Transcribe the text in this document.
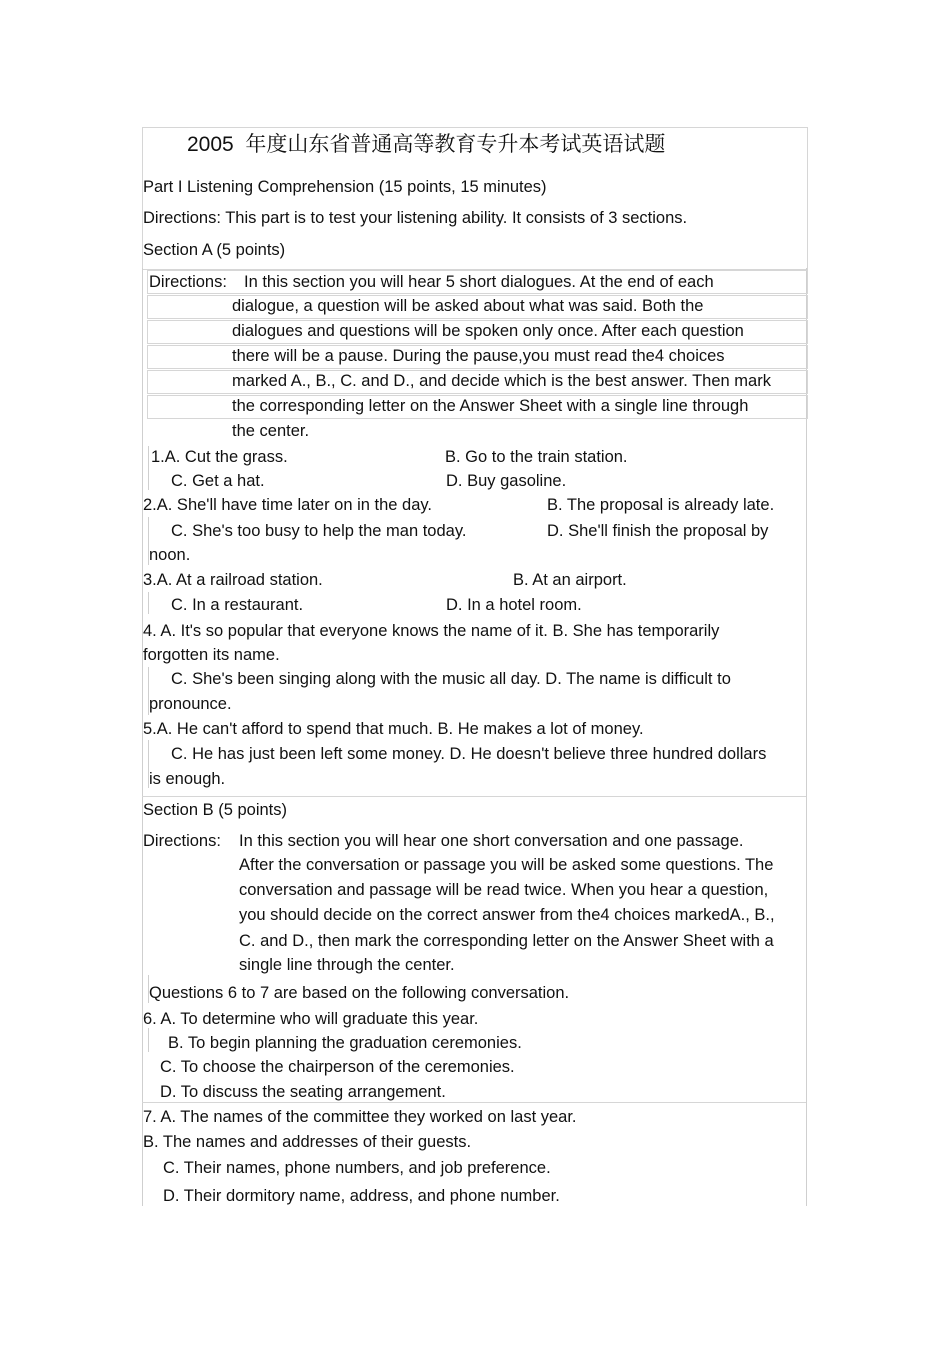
2005 年度山东省普通高等教育专升本考试英语试题
Part I Listening Comprehension (15 points, 15 minutes)
Directions: This part is to test your listening ability. It consists of 3 sections.
Section A (5 points)
Directions: In this section you will hear 5 short dialogues. At the end of each
dialogue, a question will be asked about what was said. Both the
dialogues and questions will be spoken only once. After each question
there will be a pause. During the pause,you must read the4 choices
marked A., B., C. and D., and decide which is the best answer. Then mark
the corresponding letter on the Answer Sheet with a single line through
the center.
1.A. Cut the grass.	B. Go to the train station.
C. Get a hat.	D. Buy gasoline.
2.A. She'll have time later on in the day.	B. The proposal is already late.
C. She's too busy to help the man today.	D. She'll finish the proposal by
noon.
3.A. At a railroad station.	B. At an airport.
C. In a restaurant.	D. In a hotel room.
4. A. It's so popular that everyone knows the name of it. B. She has temporarily
forgotten its name.
C. She's been singing along with the music all day. D. The name is difficult to
pronounce.
5.A. He can't afford to spend that much. B. He makes a lot of money.
C. He has just been left some money. D. He doesn't believe three hundred dollars
is enough.
Section B (5 points)
Directions: In this section you will hear one short conversation and one passage.
After the conversation or passage you will be asked some questions. The
conversation and passage will be read twice. When you hear a question,
you should decide on the correct answer from the4 choices markedA., B.,
C. and D., then mark the corresponding letter on the Answer Sheet with a
single line through the center.
Questions 6 to 7 are based on the following conversation.
6. A. To determine who will graduate this year.
B. To begin planning the graduation ceremonies.
C. To choose the chairperson of the ceremonies.
D. To discuss the seating arrangement.
7. A. The names of the committee they worked on last year.
B. The names and addresses of their guests.
C. Their names, phone numbers, and job preference.
D. Their dormitory name, address, and phone number.
